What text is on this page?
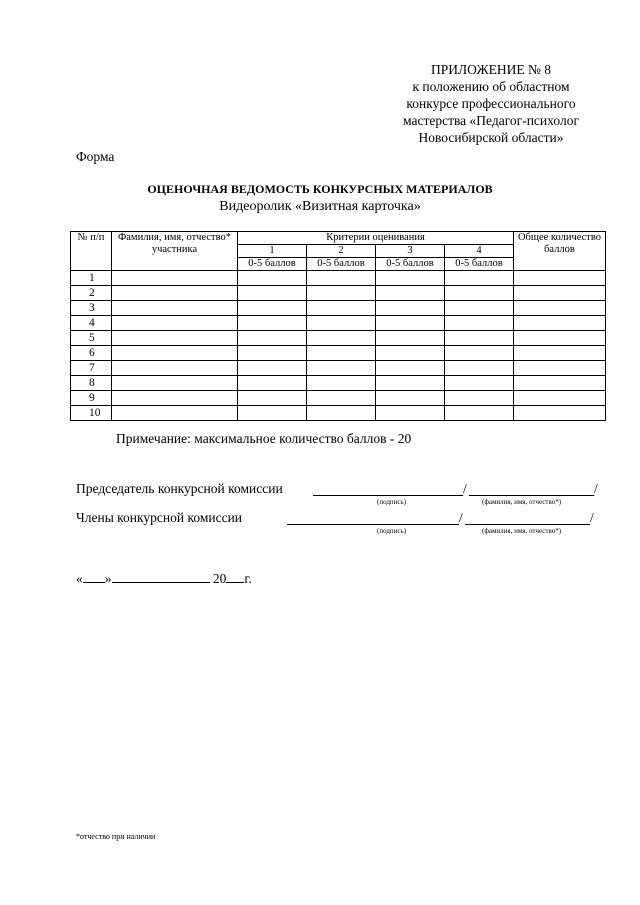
ПРИЛОЖЕНИЕ № 8
к положению об областном
конкурсе профессионального
мастерства «Педагог-психолог
Новосибирской области»
Форма
ОЦЕНОЧНАЯ ВЕДОМОСТЬ КОНКУРСНЫХ МАТЕРИАЛОВ
Видеоролик «Визитная карточка»
№ п/п	Фамилия, имя, отчество* участника	Критерии оценивания				Общее количество баллов
		1	2	3	4	
		0-5 баллов	0-5 баллов	0-5 баллов	0-5 баллов	
1						
2						
3						
4						
5						
6						
7						
8						
9						
10						
Примечание: максимальное количество баллов - 20
Председатель конкурсной комиссии	/	/
(подпись)	(фамилия, имя, отчество*)
Члены конкурсной комиссии	/	/
(подпись)	(фамилия, имя, отчество*)
« »	20 г.
*отчество при наличии
